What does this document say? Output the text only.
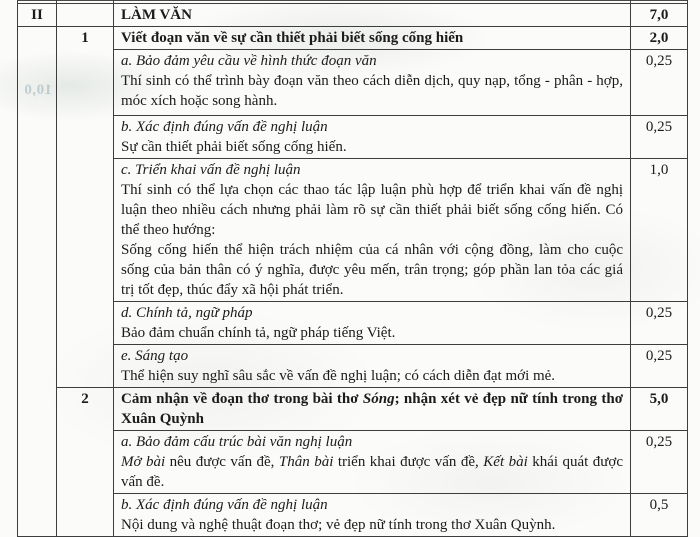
10,0

II		LÀM VĂN	7,0
	1	Viết đoạn văn về sự cần thiết phải biết sống cống hiến	2,0

		a. Bảo đảm yêu cầu về hình thức đoạn văn
Thí sinh có thể trình bày đoạn văn theo cách diễn dịch, quy nạp, tổng - phân - hợp, móc xích hoặc song hành.	0,25

		b. Xác định đúng vấn đề nghị luận
Sự cần thiết phải biết sống cống hiến.	0,25

		c. Triển khai vấn đề nghị luận
Thí sinh có thể lựa chọn các thao tác lập luận phù hợp để triển khai vấn đề nghị luận theo nhiều cách nhưng phải làm rõ sự cần thiết phải biết sống cống hiến. Có thể theo hướng:
Sống cống hiến thể hiện trách nhiệm của cá nhân với cộng đồng, làm cho cuộc sống của bản thân có ý nghĩa, được yêu mến, trân trọng; góp phần lan tỏa các giá trị tốt đẹp, thúc đẩy xã hội phát triển.	1,0

		d. Chính tả, ngữ pháp
Bảo đảm chuẩn chính tả, ngữ pháp tiếng Việt.	0,25

		e. Sáng tạo
Thể hiện suy nghĩ sâu sắc về vấn đề nghị luận; có cách diễn đạt mới mẻ.	0,25
	2	Cảm nhận về đoạn thơ trong bài thơ Sóng; nhận xét vẻ đẹp nữ tính trong thơ Xuân Quỳnh	5,0

		a. Bảo đảm cấu trúc bài văn nghị luận
Mở bài nêu được vấn đề, Thân bài triển khai được vấn đề, Kết bài khái quát được vấn đề.	0,25

		b. Xác định đúng vấn đề nghị luận
Nội dung và nghệ thuật đoạn thơ; vẻ đẹp nữ tính trong thơ Xuân Quỳnh.	0,5
